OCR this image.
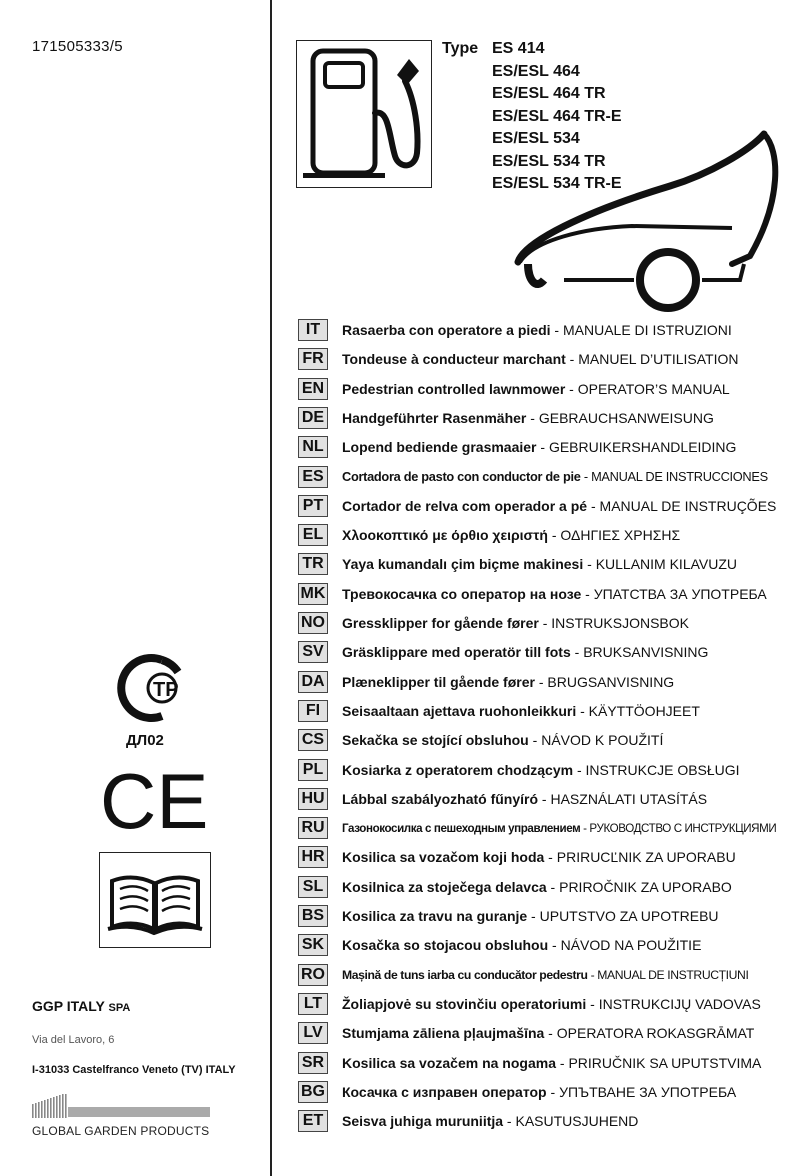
171505333/5	Type ES 414
ES/ESL 464
ES/ESL 464 TR
ES/ESL 464 TR-E
ES/ESL 534
ES/ESL 534 TR
ES/ESL 534 TR-E
IT	Rasaerba con operatore a piedi - MANUALE DI ISTRUZIONI
FR	Tondeuse à conducteur marchant - MANUEL D’UTILISATION
EN Pedestrian controlled lawnmower - OPERATOR’S MANUAL
DE Handgeführter Rasenmäher - GEBRAUCHSANWEISUNG
NL	Lopend bediende grasmaaier - GEBRUIKERSHANDLEIDING
ES	Cortadora de pasto con conductor de pie - MANUAL DE INSTRUCCIONES
PT	Cortador de relva com operador a pé - MANUAL DE INSTRUÇÕES
EL	Χλοοκοπτικό με όρθιο χειριστή - ΟΔΗΓΙΕΣ ΧΡΗΣΗΣ
TR	Yaya kumandalı çim biçme makinesi - KULLANIM KILAVUZU
MK Тревокосачка со оператор на нозе - УПАТСТВА ЗА УПОТРЕБА
NO Gressklipper for gående fører - INSTRUKSJONSBOK
SV	Gräsklippare med operatör till fots - BRUKSANVISNING
DA Plæneklipper til gående fører - BRUGSANVISNING
FI	Seisaaltaan ajettava ruohonleikkuri - KÄYTTÖOHJEET
CS Sekačka se stojící obsluhou - NÁVOD K POUŽITÍ
PL	Kosiarka z operatorem chodzącym - INSTRUKCJE OBSŁUGI
HU Lábbal szabályozható fűnyíró - HASZNÁLATI UTASÍTÁS
RU Газонокосилка с пешеходным управлением - РУКОВОДСТВО С ИНСТРУКЦИЯМИ
HR Kosilica sa vozačom koji hoda - PRIRUCĽNIK ZA UPORABU
SL	Kosilnica za stoječega delavca - PRIROČNIK ZA UPORABO
BS Kosilica za travu na guranje - UPUTSTVO ZA UPOTREBU
SK Kosačka so stojacou obsluhou - NÁVOD NA POUŽITIE
RO Mașină de tuns iarba cu conducător pedestru - MANUAL DE INSTRUCȚIUNI
LT	Žoliapjovė su stovinčiu operatoriumi - INSTRUKCIJŲ VADOVAS
LV	Stumjama zāliena pļaujmašīna - OPERATORA ROKASGRĀMAT
SR Kosilica sa vozačem na nogama - PRIRUČNIK SA UPUTSTVIMA
BG Косачка с изправен оператор - УПЪТВАНЕ ЗА УПОТРЕБА
ET	Seisva juhiga muruniitja - KASUTUSJUHEND
ТР
ДЛ02
CE
GGP ITALY SPA
Via del Lavoro, 6
I-31033 Castelfranco Veneto (TV) ITALY
GLOBAL GARDEN PRODUCTS
